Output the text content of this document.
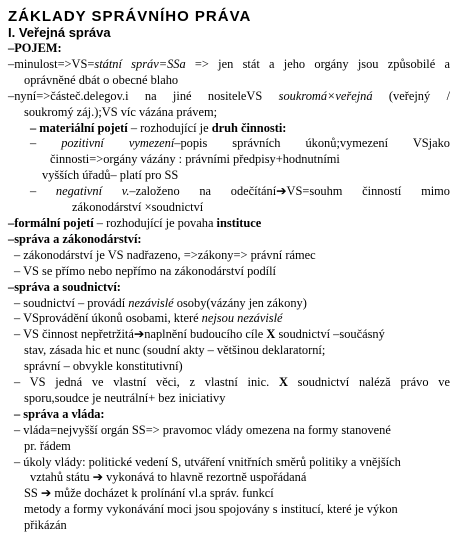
ZÁKLADY SPRÁVNÍHO PRÁVA
I. Veřejná správa
–POJEM:
–minulost=>VS=státní správ=SSa => jen stát a jeho orgány jsou způsobilé a
oprávněné dbát o obecné blaho
–nyní=>částeč.delegov.i na jiné nositeleVS soukromá×veřejná (veřejný /
soukromý záj.);VS víc vázána právem;
– materiální pojetí – rozhodující je druh činnosti:
– pozitivní vymezení–popis správních úkonů;vymezení VSjako
činnosti=>orgány vázány : právními předpisy+hodnutními
vyšších úřadů– platí pro SS
– negativní v.–založeno na odečítání➔VS=souhm činností mimo
zákonodárství ×soudnictví
–formální pojetí – rozhodující je povaha instituce
–správa a zákonodárství:
– zákonodárství je VS nadřazeno, =>zákony=> právní rámec
– VS se přímo nebo nepřímo na zákonodárství podílí
–správa a soudnictví:
– soudnictví – provádí nezávislé osoby(vázány jen zákony)
– VSprovádění úkonů osobami, které nejsou nezávislé
– VS činnost nepřetržitá➔naplnění budoucího cíle X soudnictví –součásný
stav, zásada hic et nunc (soudní akty – většinou deklaratorní;
správní – obvykle konstitutivní)
– VS jedná ve vlastní věci, z vlastní inic. X soudnictví naléză právo ve
sporu,soudce je neutrální+ bez iniciativy
– správa a vláda:
– vláda=nejvyšší orgán SS=> pravomoc vlády omezena na formy stanovené
pr. řádem
– úkoly vlády: politické vedení S, utváření vnitřních směrů politiky a vnějších
vztahů státu ➔ vykonává to hlavně rezortně uspořádaná
SS ➔ může docházet k prolínání vl.a správ. funkcí
metody a formy vykonávání moci jsou spojovány s institucí, které je výkon
přikázán
